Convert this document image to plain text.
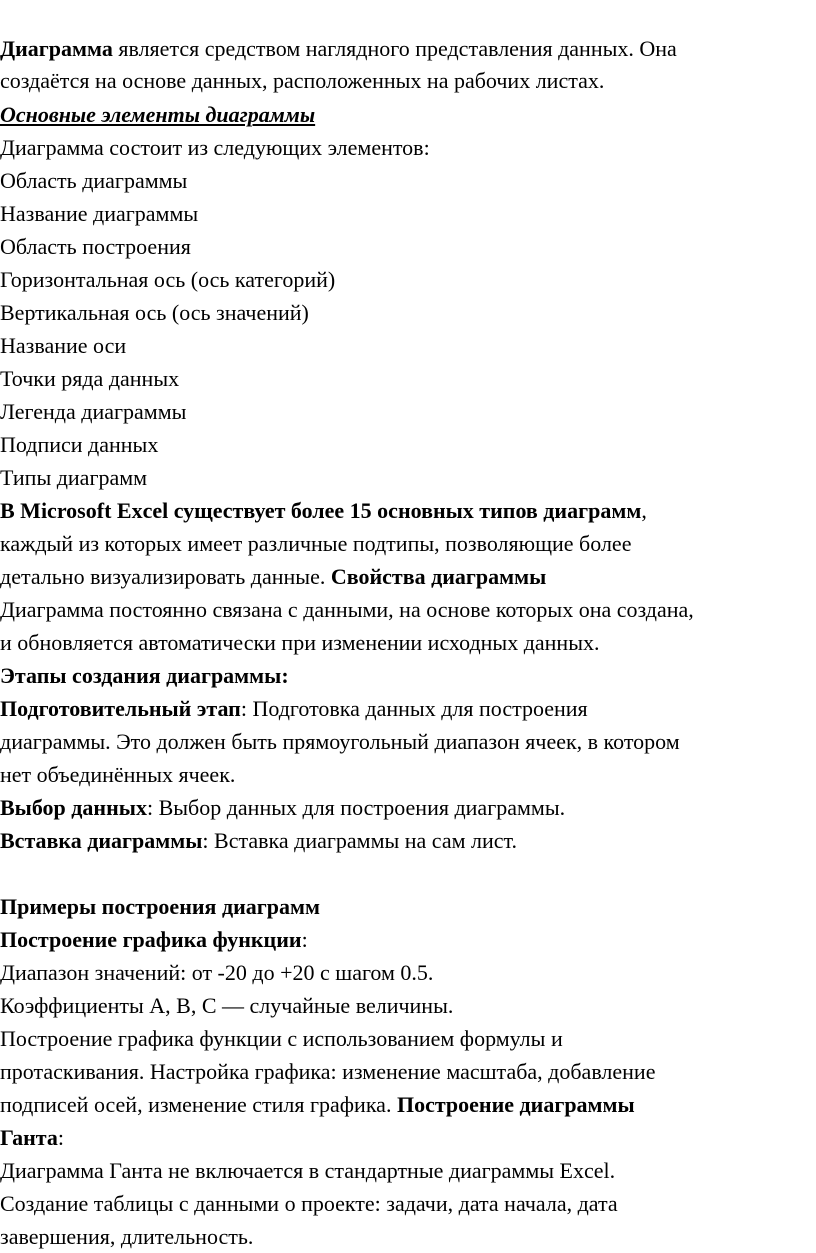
Диаграмма является средством наглядного представления данных. Она
создаётся на основе данных, расположенных на рабочих листах.
Основные элементы диаграммы
Диаграмма состоит из следующих элементов:
Область диаграммы
Название диаграммы
Область построения
Горизонтальная ось (ось категорий)
Вертикальная ось (ось значений)
Название оси
Точки ряда данных
Легенда диаграммы
Подписи данных
Типы диаграмм
В Microsoft Excel существует более 15 основных типов диаграмм,
каждый из которых имеет различные подтипы, позволяющие более
детально визуализировать данные. Свойства диаграммы
Диаграмма постоянно связана с данными, на основе которых она создана,
и обновляется автоматически при изменении исходных данных.
Этапы создания диаграммы:
Подготовительный этап: Подготовка данных для построения
диаграммы. Это должен быть прямоугольный диапазон ячеек, в котором
нет объединённых ячеек.
Выбор данных: Выбор данных для построения диаграммы.
Вставка диаграммы: Вставка диаграммы на сам лист.
Примеры построения диаграмм
Построение графика функции:
Диапазон значений: от -20 до +20 с шагом 0.5.
Коэффициенты A, B, C — случайные величины.
Построение графика функции с использованием формулы и
протаскивания. Настройка графика: изменение масштаба, добавление
подписей осей, изменение стиля графика. Построение диаграммы
Ганта:
Диаграмма Ганта не включается в стандартные диаграммы Excel.
Создание таблицы с данными о проекте: задачи, дата начала, дата
завершения, длительность.
